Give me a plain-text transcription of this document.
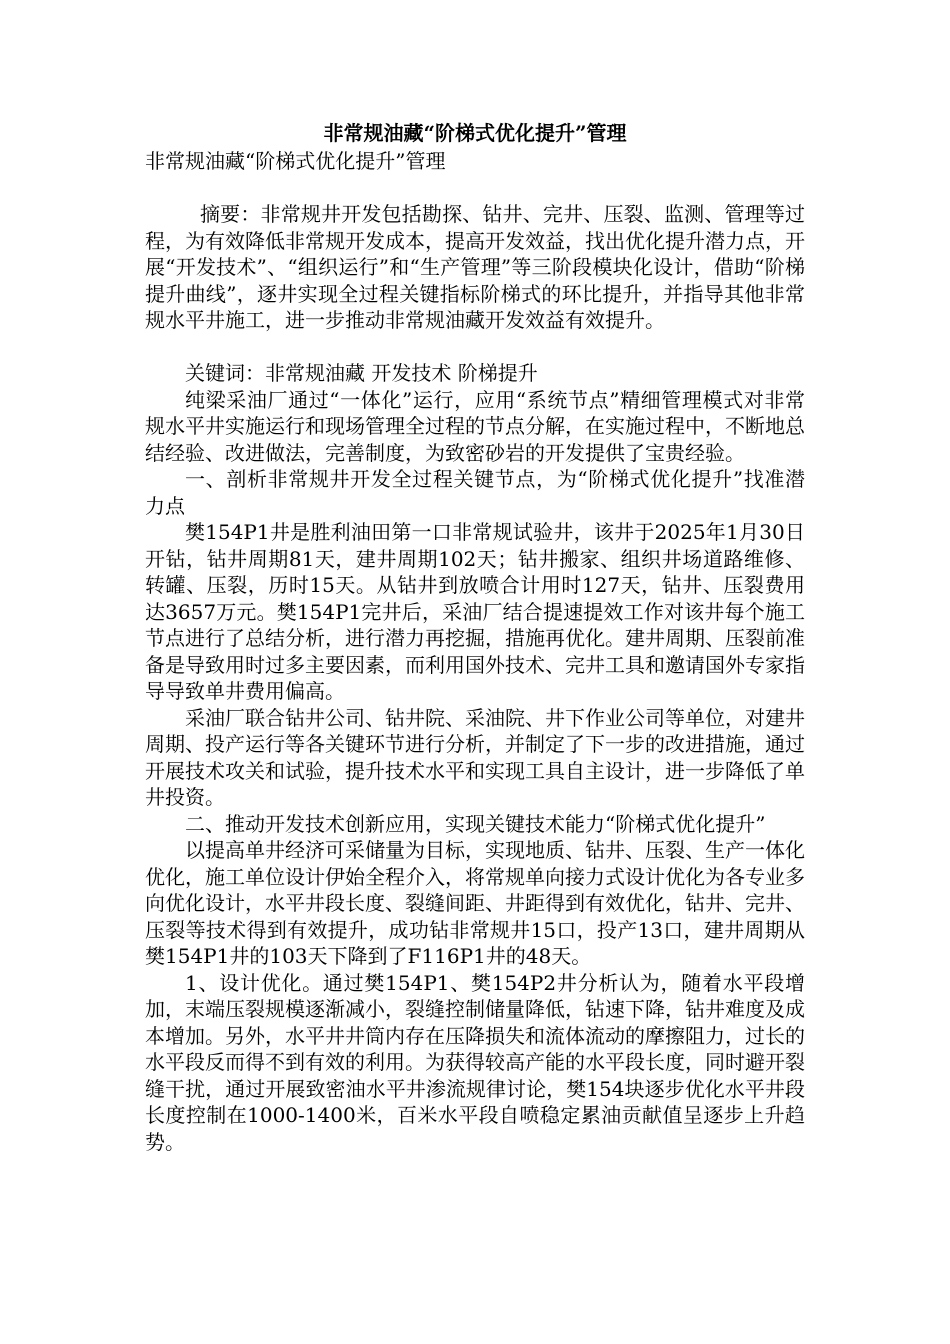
非常规油藏“阶梯式优化提升”管理

非常规油藏“阶梯式优化提升”管理

摘要：非常规井开发包括勘探、钻井、完井、压裂、监测、管理等过程，为有效降低非常规开发成本，提高开发效益，找出优化提升潜力点，开展“开发技术”、“组织运行”和“生产管理”等三阶段模块化设计，借助“阶梯提升曲线”，逐井实现全过程关键指标阶梯式的环比提升，并指导其他非常规水平井施工，进一步推动非常规油藏开发效益有效提升。

关键词：非常规油藏 开发技术 阶梯提升

纯梁采油厂通过“一体化”运行，应用“系统节点”精细管理模式对非常规水平井实施运行和现场管理全过程的节点分解，在实施过程中，不断地总结经验、改进做法，完善制度，为致密砂岩的开发提供了宝贵经验。

一、剖析非常规井开发全过程关键节点，为“阶梯式优化提升”找准潜力点

樊154P1井是胜利油田第一口非常规试验井，该井于2025年1月30日开钻，钻井周期81天，建井周期102天；钻井搬家、组织井场道路维修、转罐、压裂，历时15天。从钻井到放喷合计用时127天，钻井、压裂费用达3657万元。樊154P1完井后，采油厂结合提速提效工作对该井每个施工节点进行了总结分析，进行潜力再挖掘，措施再优化。建井周期、压裂前准备是导致用时过多主要因素，而利用国外技术、完井工具和邀请国外专家指导导致单井费用偏高。

采油厂联合钻井公司、钻井院、采油院、井下作业公司等单位，对建井周期、投产运行等各关键环节进行分析，并制定了下一步的改进措施，通过开展技术攻关和试验，提升技术水平和实现工具自主设计，进一步降低了单井投资。

二、推动开发技术创新应用，实现关键技术能力“阶梯式优化提升”

以提高单井经济可采储量为目标，实现地质、钻井、压裂、生产一体化优化，施工单位设计伊始全程介入，将常规单向接力式设计优化为各专业多向优化设计，水平井段长度、裂缝间距、井距得到有效优化，钻井、完井、压裂等技术得到有效提升，成功钻非常规井15口，投产13口，建井周期从樊154P1井的103天下降到了F116P1井的48天。

1、设计优化。通过樊154P1、樊154P2井分析认为，随着水平段增加，末端压裂规模逐渐减小，裂缝控制储量降低，钻速下降，钻井难度及成本增加。另外，水平井井筒内存在压降损失和流体流动的摩擦阻力，过长的水平段反而得不到有效的利用。为获得较高产能的水平段长度，同时避开裂缝干扰，通过开展致密油水平井渗流规律讨论，樊154块逐步优化水平井段长度控制在1000-1400米，百米水平段自喷稳定累油贡献值呈逐步上升趋势。
